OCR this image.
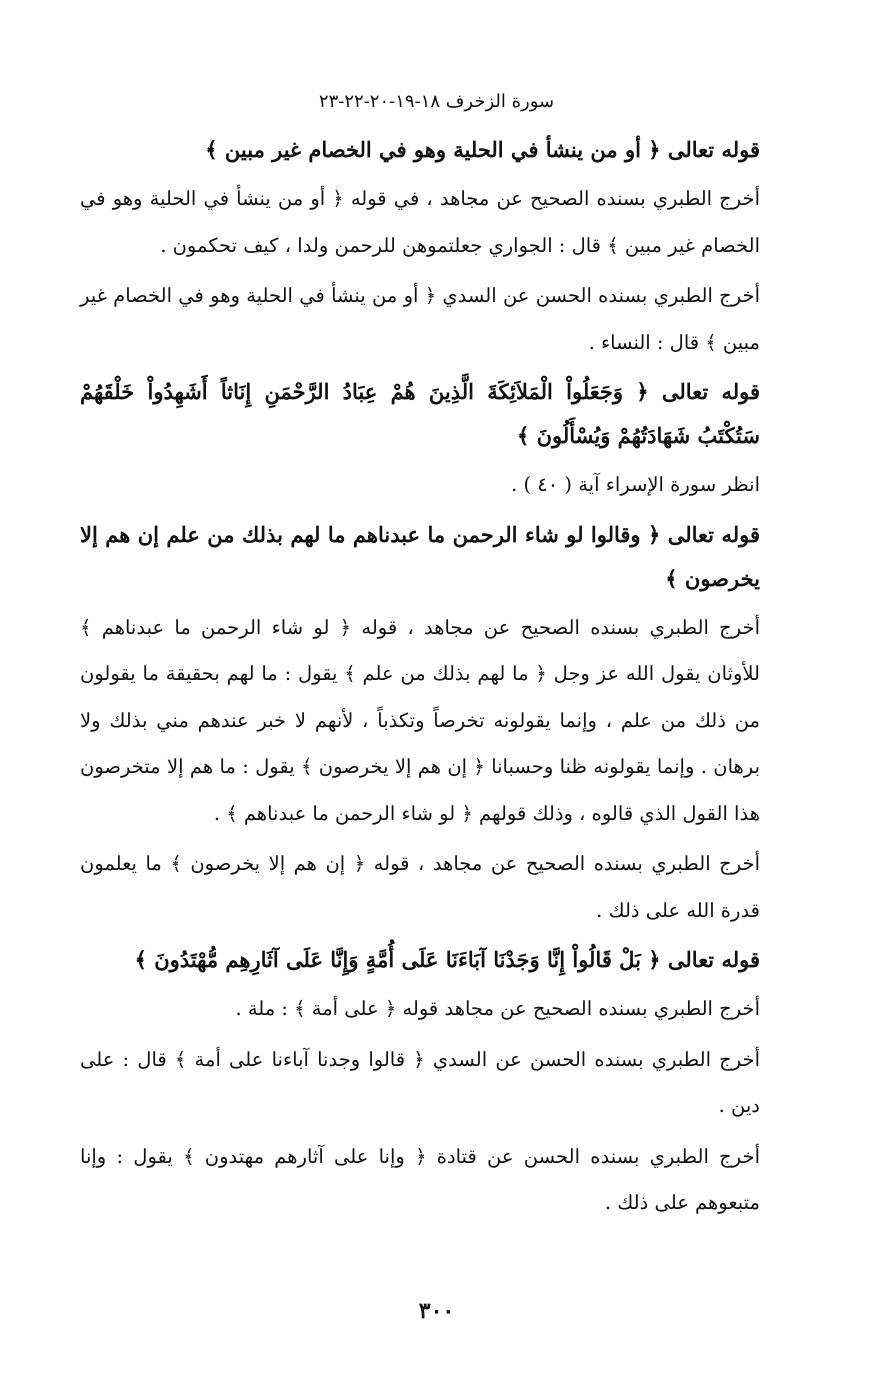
سورة الزخرف ١٨-١٩-٢٠-٢٢-٢٣

قوله تعالى ﴿ أو من ينشأ في الحلية وهو في الخصام غير مبين ﴾

أخرج الطبري بسنده الصحيح عن مجاهد ، في قوله ﴿ أو من ينشأ في الحلية وهو في الخصام غير مبين ﴾ قال : الجواري جعلتموهن للرحمن ولدا ، كيف تحكمون .

أخرج الطبري بسنده الحسن عن السدي ﴿ أو من ينشأ في الحلية وهو في الخصام غير مبين ﴾ قال : النساء .

قوله تعالى ﴿ وَجَعَلُواْ الْمَلاَئِكَةَ الَّذِينَ هُمْ عِبَادُ الرَّحْمَنِ إِنَاثاً أَشَهِدُواْ خَلْقَهُمْ سَتُكْتَبُ شَهَادَتُهُمْ وَيُسْأَلُونَ ﴾

انظر سورة الإسراء آية ( ٤٠ ) .

قوله تعالى ﴿ وقالوا لو شاء الرحمن ما عبدناهم ما لهم بذلك من علم إن هم إلا يخرصون ﴾

أخرج الطبري بسنده الصحيح عن مجاهد ، قوله ﴿ لو شاء الرحمن ما عبدناهم ﴾ للأوثان يقول الله عز وجل ﴿ ما لهم بذلك من علم ﴾ يقول : ما لهم بحقيقة ما يقولون من ذلك من علم ، وإنما يقولونه تخرصاً وتكذباً ، لأنهم لا خبر عندهم مني بذلك ولا برهان . وإنما يقولونه ظنا وحسبانا ﴿ إن هم إلا يخرصون ﴾ يقول : ما هم إلا متخرصون هذا القول الذي قالوه ، وذلك قولهم ﴿ لو شاء الرحمن ما عبدناهم ﴾ .

أخرج الطبري بسنده الصحيح عن مجاهد ، قوله ﴿ إن هم إلا يخرصون ﴾ ما يعلمون قدرة الله على ذلك .

قوله تعالى ﴿ بَلْ قَالُواْ إِنَّا وَجَدْنَا آبَاءَنَا عَلَى أُمَّةٍ وَإِنَّا عَلَى آثَارِهِم مُّهْتَدُونَ ﴾

أخرج الطبري بسنده الصحيح عن مجاهد قوله ﴿ على أمة ﴾ : ملة .

أخرج الطبري بسنده الحسن عن السدي ﴿ قالوا وجدنا آباءنا على أمة ﴾ قال : على دين .

أخرج الطبري بسنده الحسن عن قتادة ﴿ وإنا على آثارهم مهتدون ﴾ يقول : وإنا متبعوهم على ذلك .

٣٠٠
